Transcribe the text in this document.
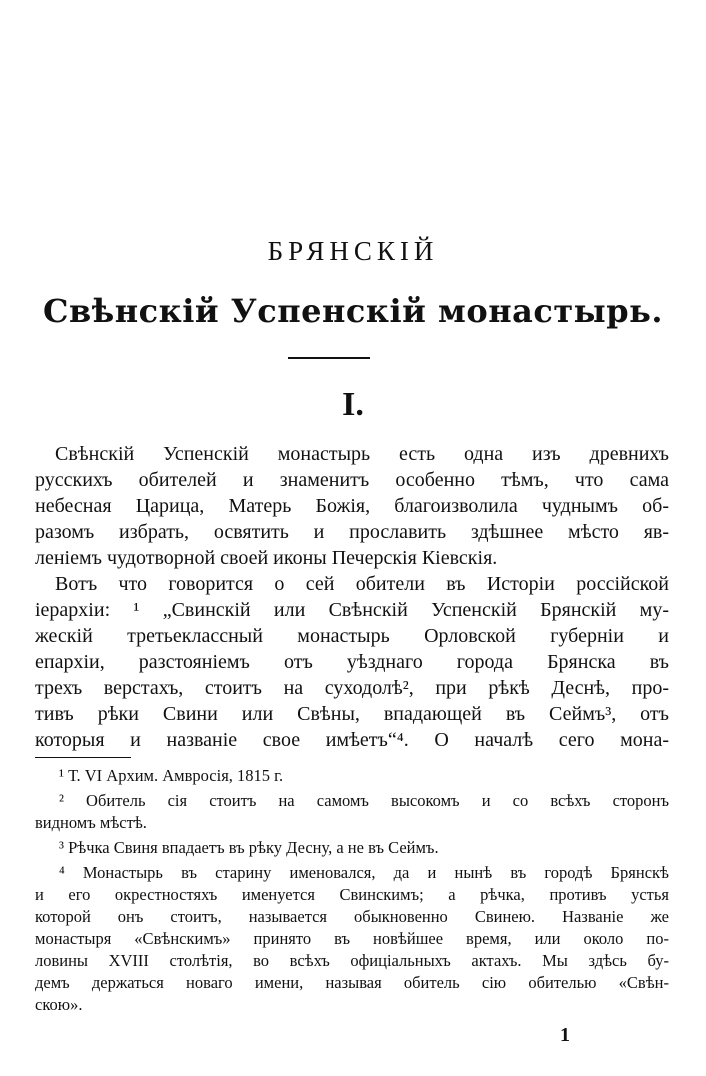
БРЯНСКІЙ
Свѣнскій Успенскій монастырь.
I.
Свѣнскій Успенскій монастырь есть одна изъ древнихъ
русскихъ обителей и знаменитъ особенно тѣмъ, что сама
небесная Царица, Матерь Божія, благоизволила чуднымъ об-
разомъ избрать, освятить и прославить здѣшнее мѣсто яв-
леніемъ чудотворной своей иконы Печерскія Кіевскія.
Вотъ что говорится о сей обители въ Исторіи россійской
іерархіи: ¹ „Свинскій или Свѣнскій Успенскій Брянскій му-
жескій третьеклассный монастырь Орловской губерніи и
епархіи, разстояніемъ отъ уѣзднаго города Брянска въ
трехъ верстахъ, стоитъ на суходолѣ², при рѣкѣ Деснѣ, про-
тивъ рѣки Свини или Свѣны, впадающей въ Сеймъ³, отъ
которыя и названіе свое имѣетъ“⁴. О началѣ сего мона-
¹ Т. VI Архим. Амвросія, 1815 г.
² Обитель сія стоитъ на самомъ высокомъ и со всѣхъ сторонъ
видномъ мѣстѣ.
³ Рѣчка Свиня впадаетъ въ рѣку Десну, а не въ Сеймъ.
⁴ Монастырь въ старину именовался, да и нынѣ въ городѣ Брянскѣ
и его окрестностяхъ именуется Свинскимъ; а рѣчка, противъ устья
которой онъ стоитъ, называется обыкновенно Свинею. Названіе же
монастыря «Свѣнскимъ» принято въ новѣйшее время, или около по-
ловины XVIII столѣтія, во всѣхъ офиціальныхъ актахъ. Мы здѣсь бу-
демъ держаться новаго имени, называя обитель сію обителью «Свѣн-
скою».
1
